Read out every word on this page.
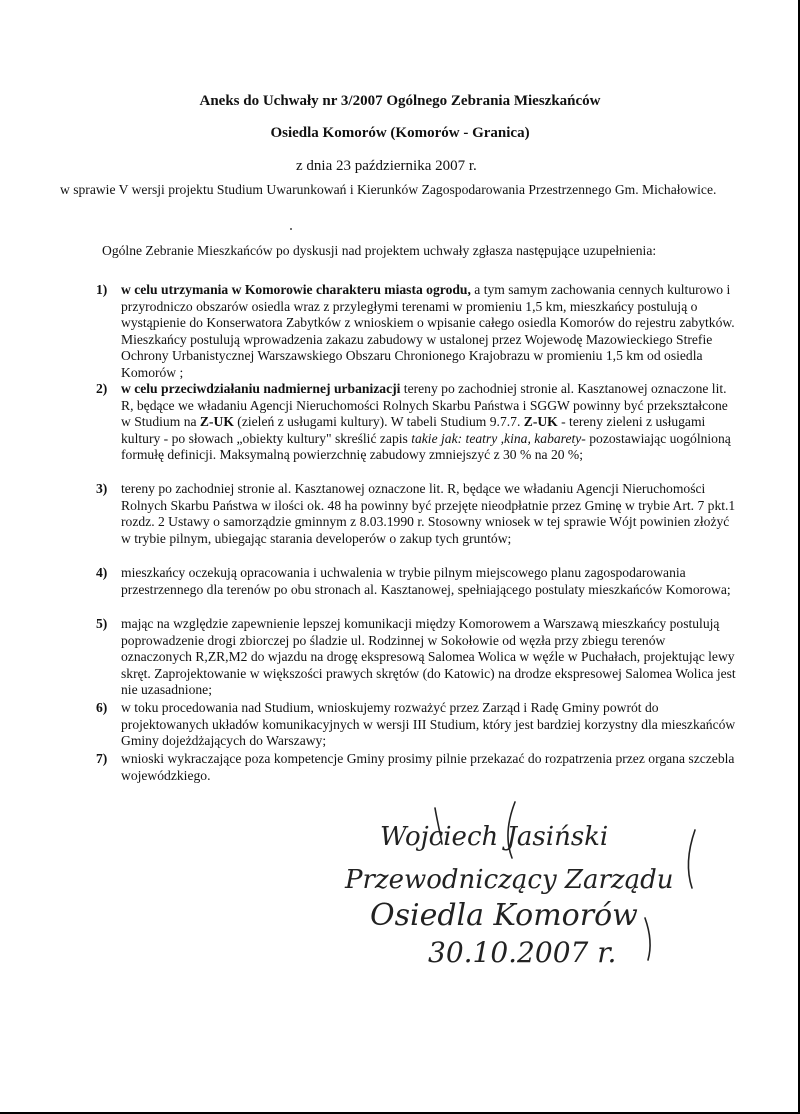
Aneks do Uchwały nr 3/2007 Ogólnego Zebrania Mieszkańców
Osiedla Komorów (Komorów - Granica)
z dnia 23 października 2007 r.
w sprawie V wersji projektu Studium Uwarunkowań i Kierunków Zagospodarowania Przestrzennego Gm. Michałowice.
Ogólne Zebranie Mieszkańców po dyskusji nad projektem uchwały zgłasza następujące uzupełnienia:
1) w celu utrzymania w Komorowie charakteru miasta ogrodu, a tym samym zachowania cennych kulturowo i przyrodniczo obszarów osiedla wraz z przyległymi terenami w promieniu 1,5 km, mieszkańcy postulują o wystąpienie do Konserwatora Zabytków z wnioskiem o wpisanie całego osiedla Komorów do rejestru zabytków. Mieszkańcy postulują wprowadzenia zakazu zabudowy w ustalonej przez Wojewodę Mazowieckiego Strefie Ochrony Urbanistycznej Warszawskiego Obszaru Chronionego Krajobrazu w promieniu 1,5 km od osiedla Komorów ;
2) w celu przeciwdziałaniu nadmiernej urbanizacji tereny po zachodniej stronie al. Kasztanowej oznaczone lit. R, będące we władaniu Agencji Nieruchomości Rolnych Skarbu Państwa i SGGW powinny być przekształcone w Studium na Z-UK (zieleń z usługami kultury). W tabeli Studium 9.7.7. Z-UK - tereny zieleni z usługami kultury - po słowach „obiekty kultury" skreślić zapis takie jak: teatry ,kina, kabarety- pozostawiając uogólnioną formułę definicji. Maksymalną powierzchnię zabudowy zmniejszyć z 30 % na 20 %;
3) tereny po zachodniej stronie al. Kasztanowej oznaczone lit. R, będące we władaniu Agencji Nieruchomości Rolnych Skarbu Państwa w ilości ok. 48 ha powinny być przejęte nieodpłatnie przez Gminę w trybie Art. 7 pkt.1 rozdz. 2 Ustawy o samorządzie gminnym z 8.03.1990 r. Stosowny wniosek w tej sprawie Wójt powinien złożyć w trybie pilnym, ubiegając starania developerów o zakup tych gruntów;
4) mieszkańcy oczekują opracowania i uchwalenia w trybie pilnym miejscowego planu zagospodarowania przestrzennego dla terenów po obu stronach al. Kasztanowej, spełniającego postulaty mieszkańców Komorowa;
5) mając na względzie zapewnienie lepszej komunikacji między Komorowem a Warszawą mieszkańcy postulują poprowadzenie drogi zbiorczej po śladzie ul. Rodzinnej w Sokołowie od węzła przy zbiegu terenów oznaczonych R,ZR,M2 do wjazdu na drogę ekspresową Salomea Wolica w węźle w Puchałach, projektując lewy skręt. Zaprojektowanie w większości prawych skrętów (do Katowic) na drodze ekspresowej Salomea Wolica jest nie uzasadnione;
6) w toku procedowania nad Studium, wnioskujemy rozważyć przez Zarząd i Radę Gminy powrót do projektowanych układów komunikacyjnych w wersji III Studium, który jest bardziej korzystny dla mieszkańców Gminy dojeżdżających do Warszawy;
7) wnioski wykraczające poza kompetencje Gminy prosimy pilnie przekazać do rozpatrzenia przez organa szczebla wojewódzkiego.
Wojciech Jasiński
Przewodniczący Zarządu
Osiedla Komorów
30.10.2007 r.
